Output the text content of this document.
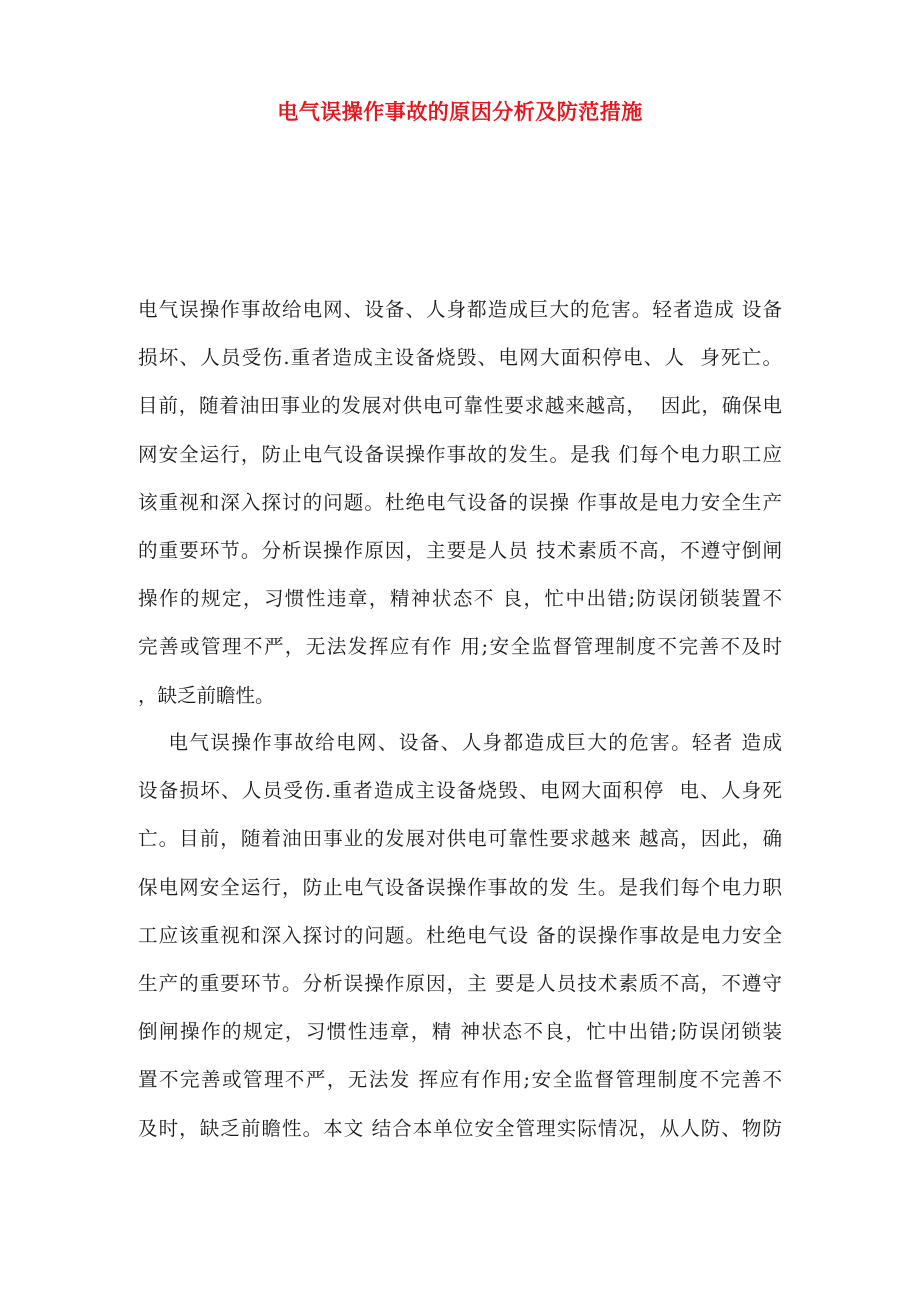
电气误操作事故的原因分析及防范措施
电气误操作事故给电网、设备、人身都造成巨大的危害。轻者造成 设备
损坏、人员受伤.重者造成主设备烧毁、电网大面积停电、人  身死亡。
目前，随着油田事业的发展对供电可靠性要求越来越高，  因此，确保电
网安全运行，防止电气设备误操作事故的发生。是我 们每个电力职工应
该重视和深入探讨的问题。杜绝电气设备的误操 作事故是电力安全生产
的重要环节。分析误操作原因，主要是人员 技术素质不高，不遵守倒闸
操作的规定，习惯性违章，精神状态不 良，忙中出错;防误闭锁装置不
完善或管理不严，无法发挥应有作 用;安全监督管理制度不完善不及时
，缺乏前瞻性。
电气误操作事故给电网、设备、人身都造成巨大的危害。轻者 造成
设备损坏、人员受伤.重者造成主设备烧毁、电网大面积停  电、人身死
亡。目前，随着油田事业的发展对供电可靠性要求越来 越高，因此，确
保电网安全运行，防止电气设备误操作事故的发 生。是我们每个电力职
工应该重视和深入探讨的问题。杜绝电气设 备的误操作事故是电力安全
生产的重要环节。分析误操作原因，主 要是人员技术素质不高，不遵守
倒闸操作的规定，习惯性违章，精 神状态不良，忙中出错;防误闭锁装
置不完善或管理不严，无法发 挥应有作用;安全监督管理制度不完善不
及时，缺乏前瞻性。本文 结合本单位安全管理实际情况，从人防、物防
